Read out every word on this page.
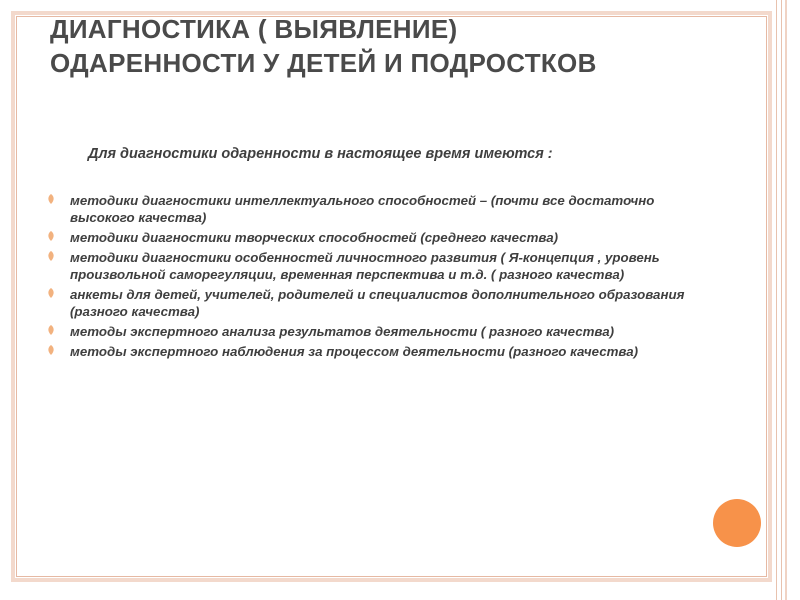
ДИАГНОСТИКА ( ВЫЯВЛЕНИЕ)
ОДАРЕННОСТИ У ДЕТЕЙ И ПОДРОСТКОВ
Для диагностики одаренности в настоящее время имеются :
методики диагностики интеллектуального способностей – (почти все достаточно высокого качества)
методики диагностики творческих способностей (среднего качества)
методики диагностики особенностей личностного развития ( Я-концепция , уровень произвольной саморегуляции, временная перспектива и т.д. ( разного качества)
анкеты для детей, учителей, родителей и специалистов дополнительного образования (разного качества)
методы экспертного анализа результатов деятельности ( разного качества)
методы экспертного наблюдения за процессом деятельности (разного качества)
